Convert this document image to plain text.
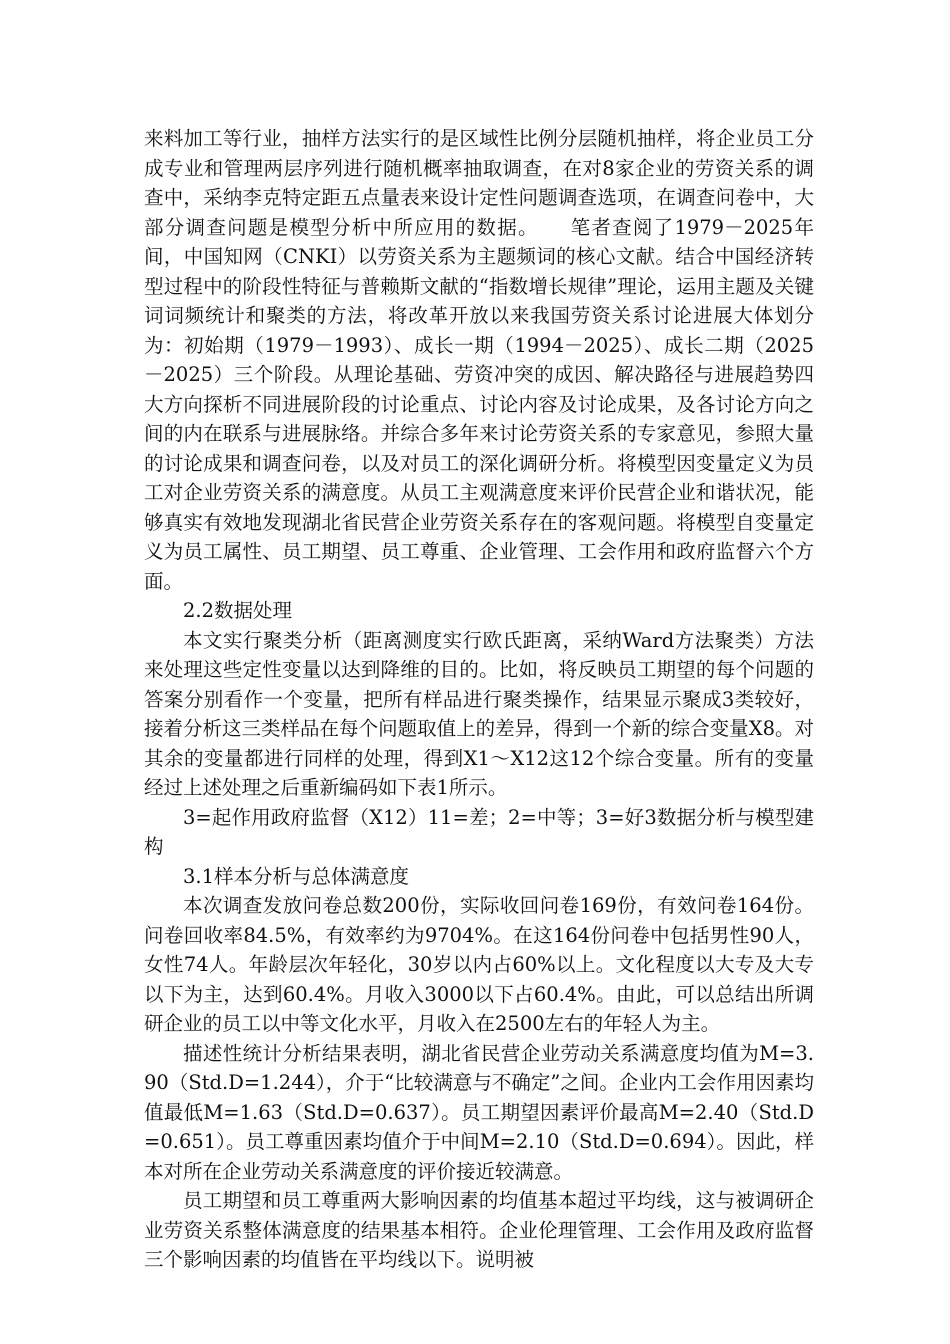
来料加工等行业，抽样方法实行的是区域性比例分层随机抽样，将企业员工分成专业和管理两层序列进行随机概率抽取调查，在对8家企业的劳资关系的调查中，采纳李克特定距五点量表来设计定性问题调查选项，在调查问卷中，大部分调查问题是模型分析中所应用的数据。　　笔者查阅了1979－2025年间，中国知网（CNKI）以劳资关系为主题频词的核心文献。结合中国经济转型过程中的阶段性特征与普赖斯文献的“指数增长规律”理论，运用主题及关键词词频统计和聚类的方法，将改革开放以来我国劳资关系讨论进展大体划分为：初始期（1979－1993）、成长一期（1994－2025）、成长二期（2025－2025）三个阶段。从理论基础、劳资冲突的成因、解决路径与进展趋势四大方向探析不同进展阶段的讨论重点、讨论内容及讨论成果，及各讨论方向之间的内在联系与进展脉络。并综合多年来讨论劳资关系的专家意见，参照大量的讨论成果和调查问卷，以及对员工的深化调研分析。将模型因变量定义为员工对企业劳资关系的满意度。从员工主观满意度来评价民营企业和谐状况，能够真实有效地发现湖北省民营企业劳资关系存在的客观问题。将模型自变量定义为员工属性、员工期望、员工尊重、企业管理、工会作用和政府监督六个方面。

2.2数据处理

本文实行聚类分析（距离测度实行欧氏距离，采纳Ward方法聚类）方法来处理这些定性变量以达到降维的目的。比如，将反映员工期望的每个问题的答案分别看作一个变量，把所有样品进行聚类操作，结果显示聚成3类较好，接着分析这三类样品在每个问题取值上的差异，得到一个新的综合变量X8。对其余的变量都进行同样的处理，得到X1～X12这12个综合变量。所有的变量经过上述处理之后重新编码如下表1所示。

3=起作用政府监督（X12）11=差；2=中等；3=好3数据分析与模型建构

3.1样本分析与总体满意度

本次调查发放问卷总数200份，实际收回问卷169份，有效问卷164份。问卷回收率84.5%，有效率约为9704%。在这164份问卷中包括男性90人，女性74人。年龄层次年轻化，30岁以内占60%以上。文化程度以大专及大专以下为主，达到60.4%。月收入3000以下占60.4%。由此，可以总结出所调研企业的员工以中等文化水平，月收入在2500左右的年轻人为主。

描述性统计分析结果表明，湖北省民营企业劳动关系满意度均值为M=3.90（Std.D=1.244），介于“比较满意与不确定”之间。企业内工会作用因素均值最低M=1.63（Std.D=0.637）。员工期望因素评价最高M=2.40（Std.D=0.651）。员工尊重因素均值介于中间M=2.10（Std.D=0.694）。因此，样本对所在企业劳动关系满意度的评价接近较满意。

员工期望和员工尊重两大影响因素的均值基本超过平均线，这与被调研企业劳资关系整体满意度的结果基本相符。企业伦理管理、工会作用及政府监督三个影响因素的均值皆在平均线以下。说明被
